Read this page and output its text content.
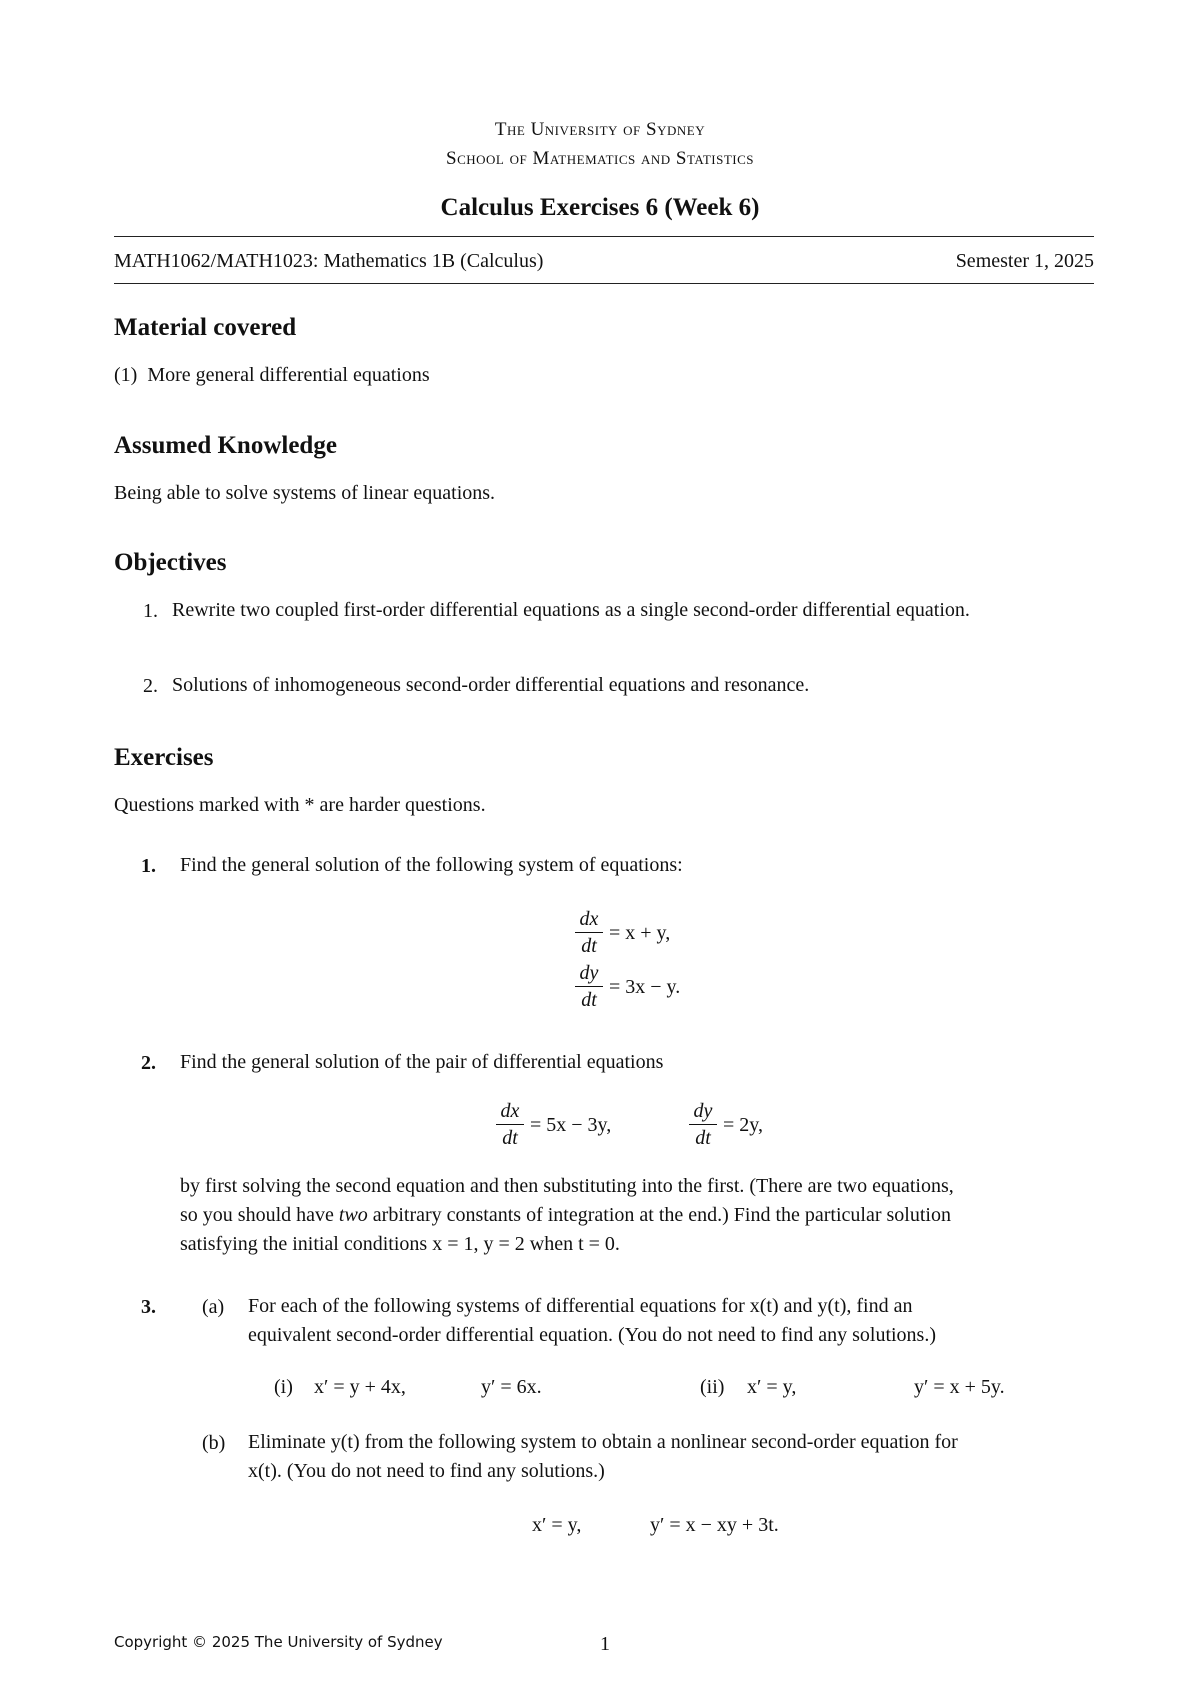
The University of Sydney
School of Mathematics and Statistics
Calculus Exercises 6 (Week 6)
MATH1062/MATH1023: Mathematics 1B (Calculus)	Semester 1, 2025
Material covered
(1) More general differential equations
Assumed Knowledge
Being able to solve systems of linear equations.
Objectives
1. Rewrite two coupled first-order differential equations as a single second-order differential equation.
2. Solutions of inhomogeneous second-order differential equations and resonance.
Exercises
Questions marked with * are harder questions.
1. Find the general solution of the following system of equations:
dx
dt
= x + y,
dy
dt
= 3x − y.
2. Find the general solution of the pair of differential equations
dx
dt
= 5x − 3y,
dy
dt
= 2y,
by first solving the second equation and then substituting into the first. (There are two equations,
so you should have two arbitrary constants of integration at the end.) Find the particular solution
satisfying the initial conditions x = 1, y = 2 when t = 0.
3. (a) For each of the following systems of differential equations for x(t) and y(t), find an
equivalent second-order differential equation. (You do not need to find any solutions.)
(i) x′ = y + 4x,	y′ = 6x.	(ii) x′ = y,	y′ = x + 5y.
(b) Eliminate y(t) from the following system to obtain a nonlinear second-order equation for
x(t). (You do not need to find any solutions.)
x′ = y,	y′ = x − xy + 3t.
Copyright © 2025 The University of Sydney	1
